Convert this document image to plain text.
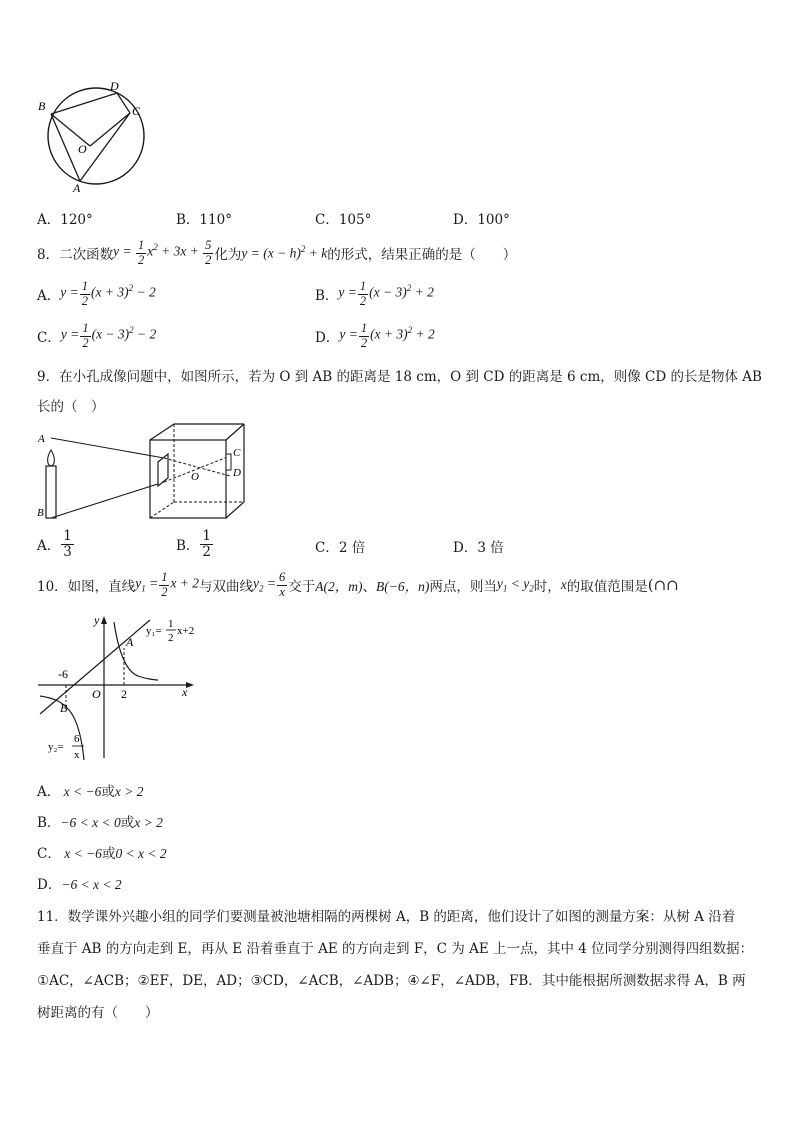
B
D
C
O
A
A．120°	B．110°	C．105°	D．100°
8． 二次函数 $y = \frac{1}{2} x^2 + 3x + \frac{5}{2}$ 化为 $y = (x - h)^2 + k$ 的形式，结果正确的是（　　）
A． $y = \frac{1}{2} (x + 3)^2 - 2$	B． $y = \frac{1}{2} (x - 3)^2 + 2$
C． $y = \frac{1}{2} (x - 3)^2 - 2$	D． $y = \frac{1}{2} (x + 3)^2 + 2$
9．在小孔成像问题中，如图所示，若为 O 到 AB 的距离是 18 cm，O 到 CD 的距离是 6 cm，则像 CD 的长是物体 AB
长的（　）
A
B
O
C
D
A． $\frac{1}{3}$	B． $\frac{1}{2}$	C．2 倍	D．3 倍
10．如图，直线 $y_1 = \frac{1}{2}$ x + 2 与双曲线 $y_2 = \frac{6}{x}$ 交于 A(2，m) 、 B(−6，n) 两点，则当 $y_1 < y_2$ 时， x 的取值范围是 (∩∩
y
x
O
-6
2
A
B
y₁=
1
2
x+2
y₂=
6
x
A． x < −6或x > 2
B．−6 < x < 0或x > 2
C． x < −6或0 < x < 2
D．−6 < x < 2
11．数学课外兴趣小组的同学们要测量被池塘相隔的两棵树 A，B 的距离，他们设计了如图的测量方案：从树 A 沿着
垂直于 AB 的方向走到 E，再从 E 沿着垂直于 AE 的方向走到 F，C 为 AE 上一点，其中 4 位同学分别测得四组数据：
①AC，∠ACB；②EF，DE，AD；③CD，∠ACB，∠ADB；④∠F，∠ADB，FB．其中能根据所测数据求得 A，B 两
树距离的有（　　）
